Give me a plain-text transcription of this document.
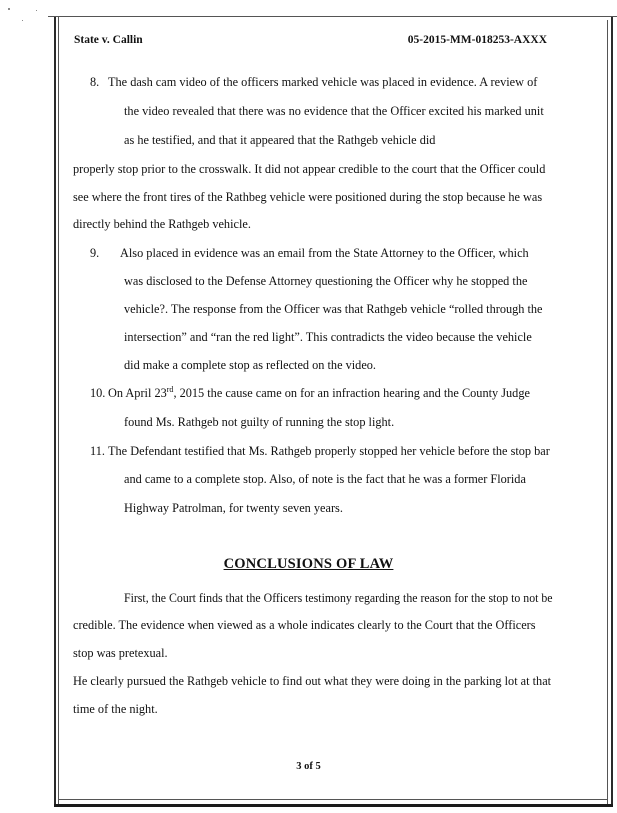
State v. Callin	05-2015-MM-018253-AXXX
8. The dash cam video of the officers marked vehicle was placed in evidence. A review of
the video revealed that there was no evidence that the Officer excited his marked unit
as he testified, and that it appeared that the Rathgeb vehicle did
properly stop prior to the crosswalk. It did not appear credible to the court that the Officer could
see where the front tires of the Rathbeg vehicle were positioned during the stop because he was
directly behind the Rathgeb vehicle.
9. Also placed in evidence was an email from the State Attorney to the Officer, which
was disclosed to the Defense Attorney questioning the Officer why he stopped the
vehicle?. The response from the Officer was that Rathgeb vehicle “rolled through the
intersection” and “ran the red light”. This contradicts the video because the vehicle
did make a complete stop as reflected on the video.
10. On April 23rd, 2015 the cause came on for an infraction hearing and the County Judge
found Ms. Rathgeb not guilty of running the stop light.
11. The Defendant testified that Ms. Rathgeb properly stopped her vehicle before the stop bar
and came to a complete stop. Also, of note is the fact that he was a former Florida
Highway Patrolman, for twenty seven years.
CONCLUSIONS OF LAW
First, the Court finds that the Officers testimony regarding the reason for the stop to not be
credible. The evidence when viewed as a whole indicates clearly to the Court that the Officers
stop was pretexual.
He clearly pursued the Rathgeb vehicle to find out what they were doing in the parking lot at that
time of the night.
3 of 5
